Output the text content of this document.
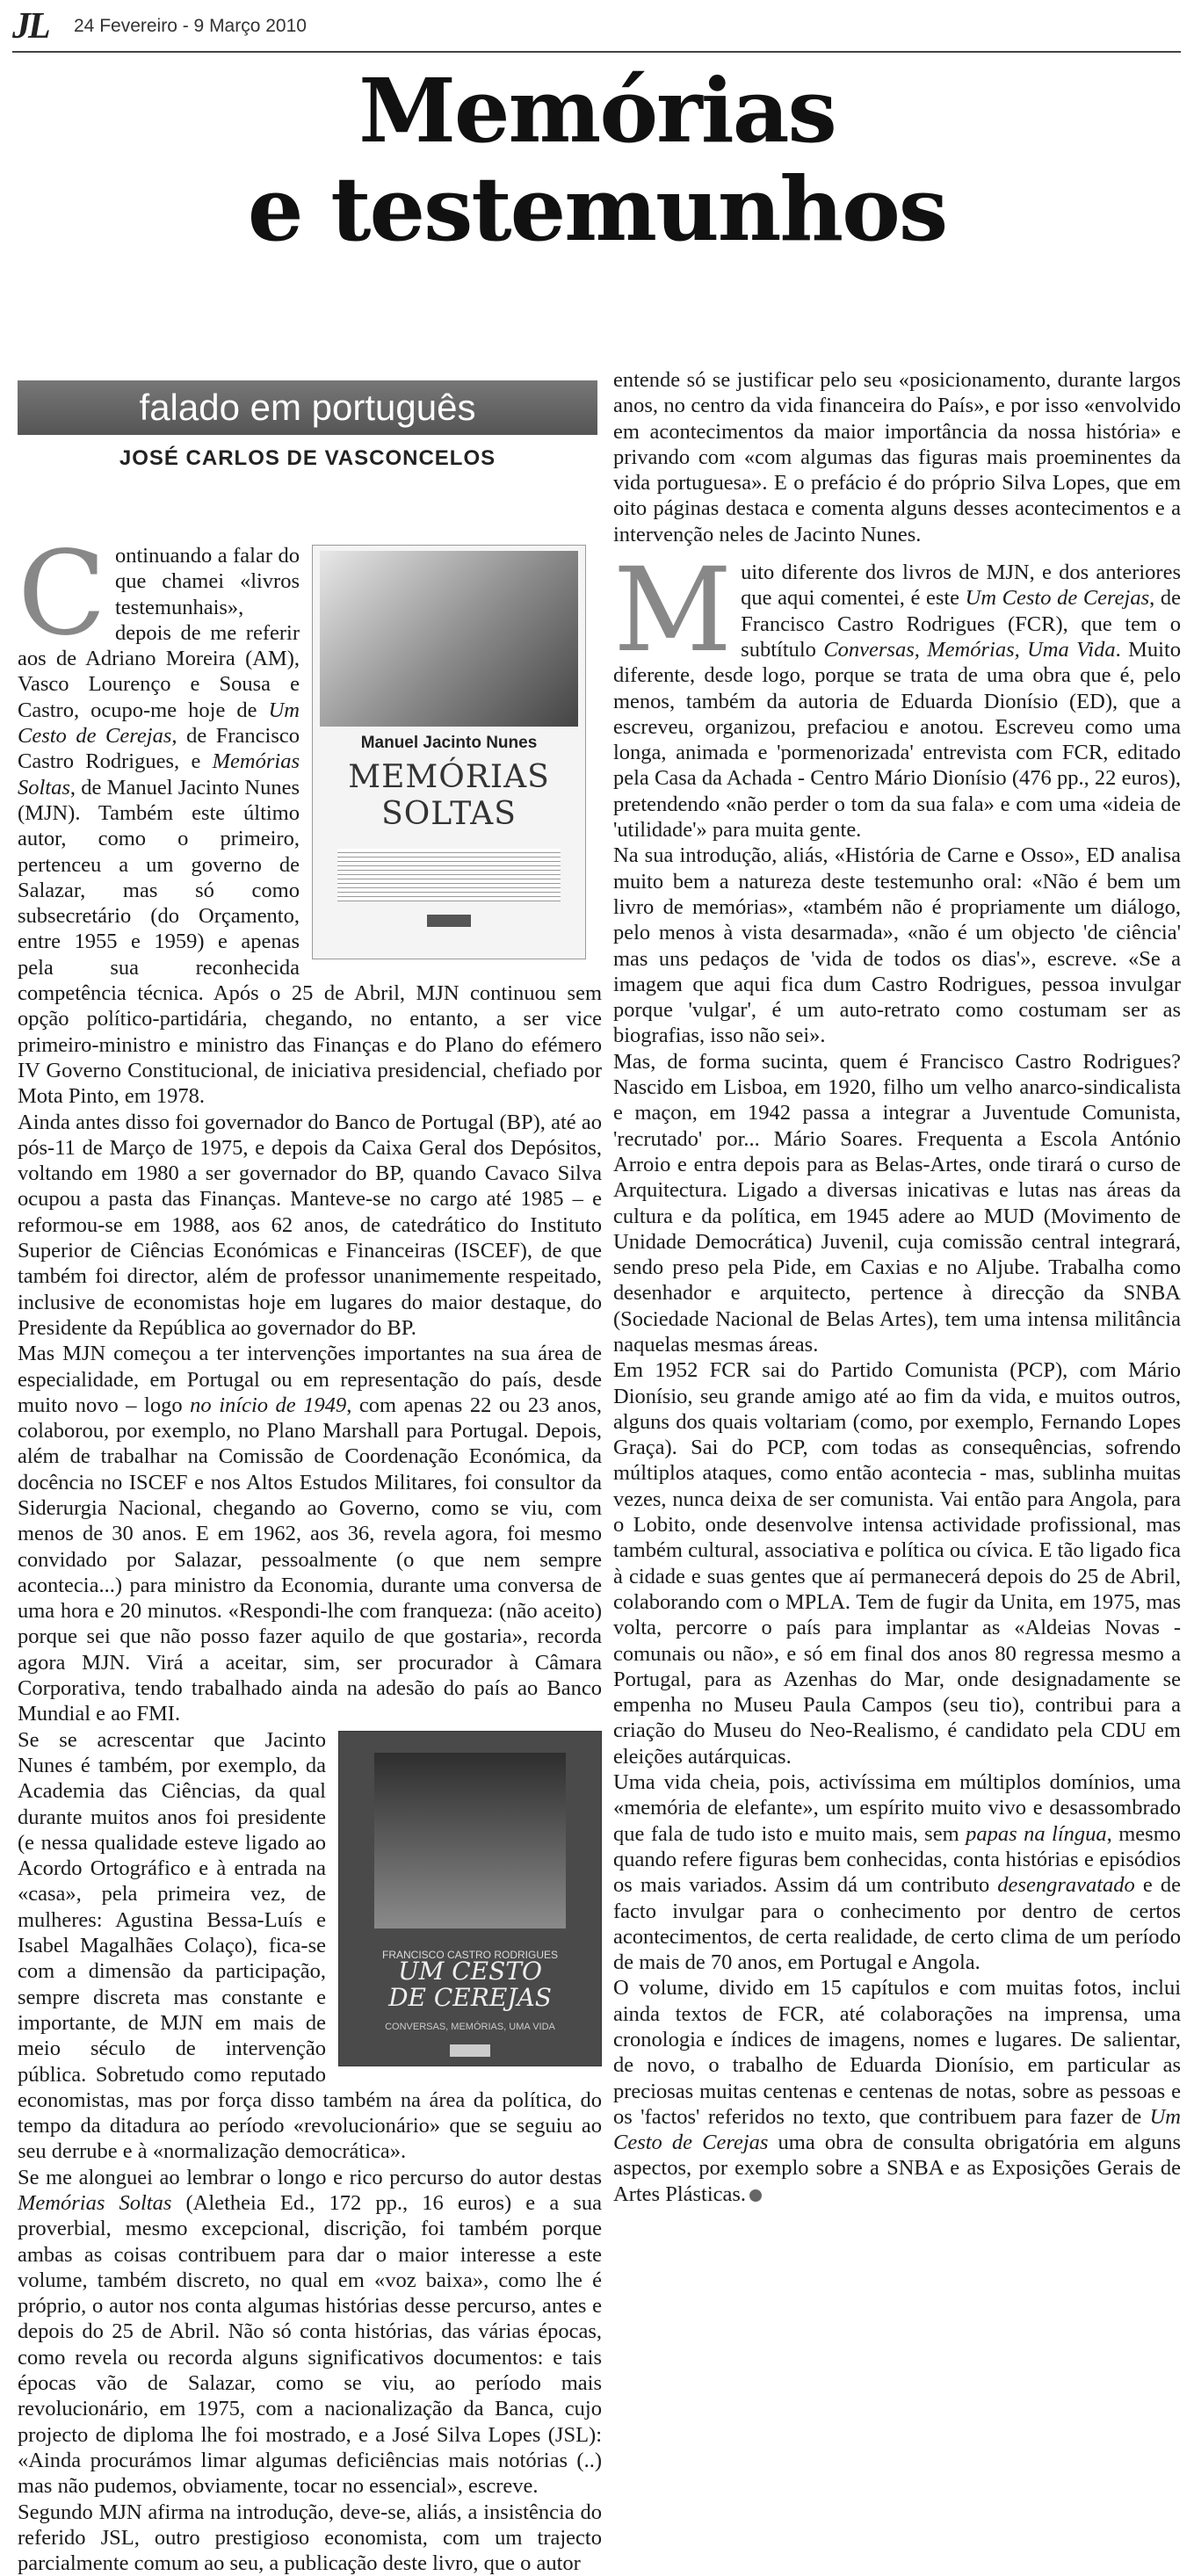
JL 24 Fevereiro - 9 Março 2010
Memórias
e testemunhos
falado em português
JOSÉ CARLOS DE VASCONCELOS
Manuel Jacinto Nunes
MEMÓRIAS
SOLTAS

Continuando a falar do que chamei «livros testemunhais», depois de me referir aos de Adriano Moreira (AM), Vasco Lourenço e Sousa e Castro, ocupo-me hoje de Um Cesto de Cerejas, de Francisco Castro Rodrigues, e Memórias Soltas, de Manuel Jacinto Nunes (MJN). Também este último autor, como o primeiro, pertenceu a um governo de Salazar, mas só como subsecretário (do Orçamento, entre 1955 e 1959) e apenas pela sua reconhecida competência técnica. Após o 25 de Abril, MJN continuou sem opção político-partidária, chegando, no entanto, a ser vice primeiro-ministro e ministro das Finanças e do Plano do efémero IV Governo Constitucional, de iniciativa presidencial, chefiado por Mota Pinto, em 1978.

Ainda antes disso foi governador do Banco de Portugal (BP), até ao pós-11 de Março de 1975, e depois da Caixa Geral dos Depósitos, voltando em 1980 a ser governador do BP, quando Cavaco Silva ocupou a pasta das Finanças. Manteve-se no cargo até 1985 – e reformou-se em 1988, aos 62 anos, de catedrático do Instituto Superior de Ciências Económicas e Financeiras (ISCEF), de que também foi director, além de professor unanimemente respeitado, inclusive de economistas hoje em lugares do maior destaque, do Presidente da República ao governador do BP.

Mas MJN começou a ter intervenções importantes na sua área de especialidade, em Portugal ou em representação do país, desde muito novo – logo no início de 1949, com apenas 22 ou 23 anos, colaborou, por exemplo, no Plano Marshall para Portugal. Depois, além de trabalhar na Comissão de Coordenação Económica, da docência no ISCEF e nos Altos Estudos Militares, foi consultor da Siderurgia Nacional, chegando ao Governo, como se viu, com menos de 30 anos. E em 1962, aos 36, revela agora, foi mesmo convidado por Salazar, pessoalmente (o que nem sempre acontecia...) para ministro da Economia, durante uma conversa de uma hora e 20 minutos. «Respondi-lhe com franqueza: (não aceito) porque sei que não posso fazer aquilo de que gostaria», recorda agora MJN. Virá a aceitar, sim, ser procurador à Câmara Corporativa, tendo trabalhado ainda na adesão do país ao Banco Mundial e ao FMI.

FRANCISCO CASTRO RODRIGUES
UM CESTO
DE CEREJAS
CONVERSAS, MEMÓRIAS, UMA VIDA

Se se acrescentar que Jacinto Nunes é também, por exemplo, da Academia das Ciências, da qual durante muitos anos foi presidente (e nessa qualidade esteve ligado ao Acordo Ortográfico e à entrada na «casa», pela primeira vez, de mulheres: Agustina Bessa-Luís e Isabel Magalhães Colaço), fica-se com a dimensão da participação, sempre discreta mas constante e importante, de MJN em mais de meio século de intervenção pública. Sobretudo como reputado economistas, mas por força disso também na área da política, do tempo da ditadura ao período «revolucionário» que se seguiu ao seu derrube e à «normalização democrática».

Se me alonguei ao lembrar o longo e rico percurso do autor destas Memórias Soltas (Aletheia Ed., 172 pp., 16 euros) e a sua proverbial, mesmo excepcional, discrição, foi também porque ambas as coisas contribuem para dar o maior interesse a este volume, também discreto, no qual em «voz baixa», como lhe é próprio, o autor nos conta algumas histórias desse percurso, antes e depois do 25 de Abril. Não só conta histórias, das várias épocas, como revela ou recorda alguns significativos documentos: e tais épocas vão de Salazar, como se viu, ao período mais revolucionário, em 1975, com a nacionalização da Banca, cujo projecto de diploma lhe foi mostrado, e a José Silva Lopes (JSL): «Ainda procurámos limar algumas deficiências mais notórias (..) mas não pudemos, obviamente, tocar no essencial», escreve.

Segundo MJN afirma na introdução, deve-se, aliás, a insistência do referido JSL, outro prestigioso economista, com um trajecto parcialmente comum ao seu, a publicação deste livro, que o autor

entende só se justificar pelo seu «posicionamento, durante largos anos, no centro da vida financeira do País», e por isso «envolvido em acontecimentos da maior importância da nossa história» e privando com «com algumas das figuras mais proeminentes da vida portuguesa». E o prefácio é do próprio Silva Lopes, que em oito páginas destaca e comenta alguns desses acontecimentos e a intervenção neles de Jacinto Nunes.

Muito diferente dos livros de MJN, e dos anteriores que aqui comentei, é este Um Cesto de Cerejas, de Francisco Castro Rodrigues (FCR), que tem o subtítulo Conversas, Memórias, Uma Vida. Muito diferente, desde logo, porque se trata de uma obra que é, pelo menos, também da autoria de Eduarda Dionísio (ED), que a escreveu, organizou, prefaciou e anotou. Escreveu como uma longa, animada e 'pormenorizada' entrevista com FCR, editado pela Casa da Achada - Centro Mário Dionísio (476 pp., 22 euros), pretendendo «não perder o tom da sua fala» e com uma «ideia de 'utilidade'» para muita gente.

Na sua introdução, aliás, «História de Carne e Osso», ED analisa muito bem a natureza deste testemunho oral: «Não é bem um livro de memórias», «também não é propriamente um diálogo, pelo menos à vista desarmada», «não é um objecto 'de ciência' mas uns pedaços de 'vida de todos os dias'», escreve. «Se a imagem que aqui fica dum Castro Rodrigues, pessoa invulgar porque 'vulgar', é um auto-retrato como costumam ser as biografias, isso não sei».

Mas, de forma sucinta, quem é Francisco Castro Rodrigues? Nascido em Lisboa, em 1920, filho um velho anarco-sindicalista e maçon, em 1942 passa a integrar a Juventude Comunista, 'recrutado' por... Mário Soares. Frequenta a Escola António Arroio e entra depois para as Belas-Artes, onde tirará o curso de Arquitectura. Ligado a diversas inicativas e lutas nas áreas da cultura e da política, em 1945 adere ao MUD (Movimento de Unidade Democrática) Juvenil, cuja comissão central integrará, sendo preso pela Pide, em Caxias e no Aljube. Trabalha como desenhador e arquitecto, pertence à direcção da SNBA (Sociedade Nacional de Belas Artes), tem uma intensa militância naquelas mesmas áreas.

Em 1952 FCR sai do Partido Comunista (PCP), com Mário Dionísio, seu grande amigo até ao fim da vida, e muitos outros, alguns dos quais voltariam (como, por exemplo, Fernando Lopes Graça). Sai do PCP, com todas as consequências, sofrendo múltiplos ataques, como então acontecia - mas, sublinha muitas vezes, nunca deixa de ser comunista. Vai então para Angola, para o Lobito, onde desenvolve intensa actividade profissional, mas também cultural, associativa e política ou cívica. E tão ligado fica à cidade e suas gentes que aí permanecerá depois do 25 de Abril, colaborando com o MPLA. Tem de fugir da Unita, em 1975, mas volta, percorre o país para implantar as «Aldeias Novas - comunais ou não», e só em final dos anos 80 regressa mesmo a Portugal, para as Azenhas do Mar, onde designadamente se empenha no Museu Paula Campos (seu tio), contribui para a criação do Museu do Neo-Realismo, é candidato pela CDU em eleições autárquicas.

Uma vida cheia, pois, activíssima em múltiplos domínios, uma «memória de elefante», um espírito muito vivo e desassombrado que fala de tudo isto e muito mais, sem papas na língua, mesmo quando refere figuras bem conhecidas, conta histórias e episódios os mais variados. Assim dá um contributo desengravatado e de facto invulgar para o conhecimento por dentro de certos acontecimentos, de certa realidade, de certo clima de um período de mais de 70 anos, em Portugal e Angola.

O volume, divido em 15 capítulos e com muitas fotos, inclui ainda textos de FCR, até colaborações na imprensa, uma cronologia e índices de imagens, nomes e lugares. De salientar, de novo, o trabalho de Eduarda Dionísio, em particular as preciosas muitas centenas e centenas de notas, sobre as pessoas e os 'factos' referidos no texto, que contribuem para fazer de Um Cesto de Cerejas uma obra de consulta obrigatória em alguns aspectos, por exemplo sobre a SNBA e as Exposições Gerais de Artes Plásticas.
